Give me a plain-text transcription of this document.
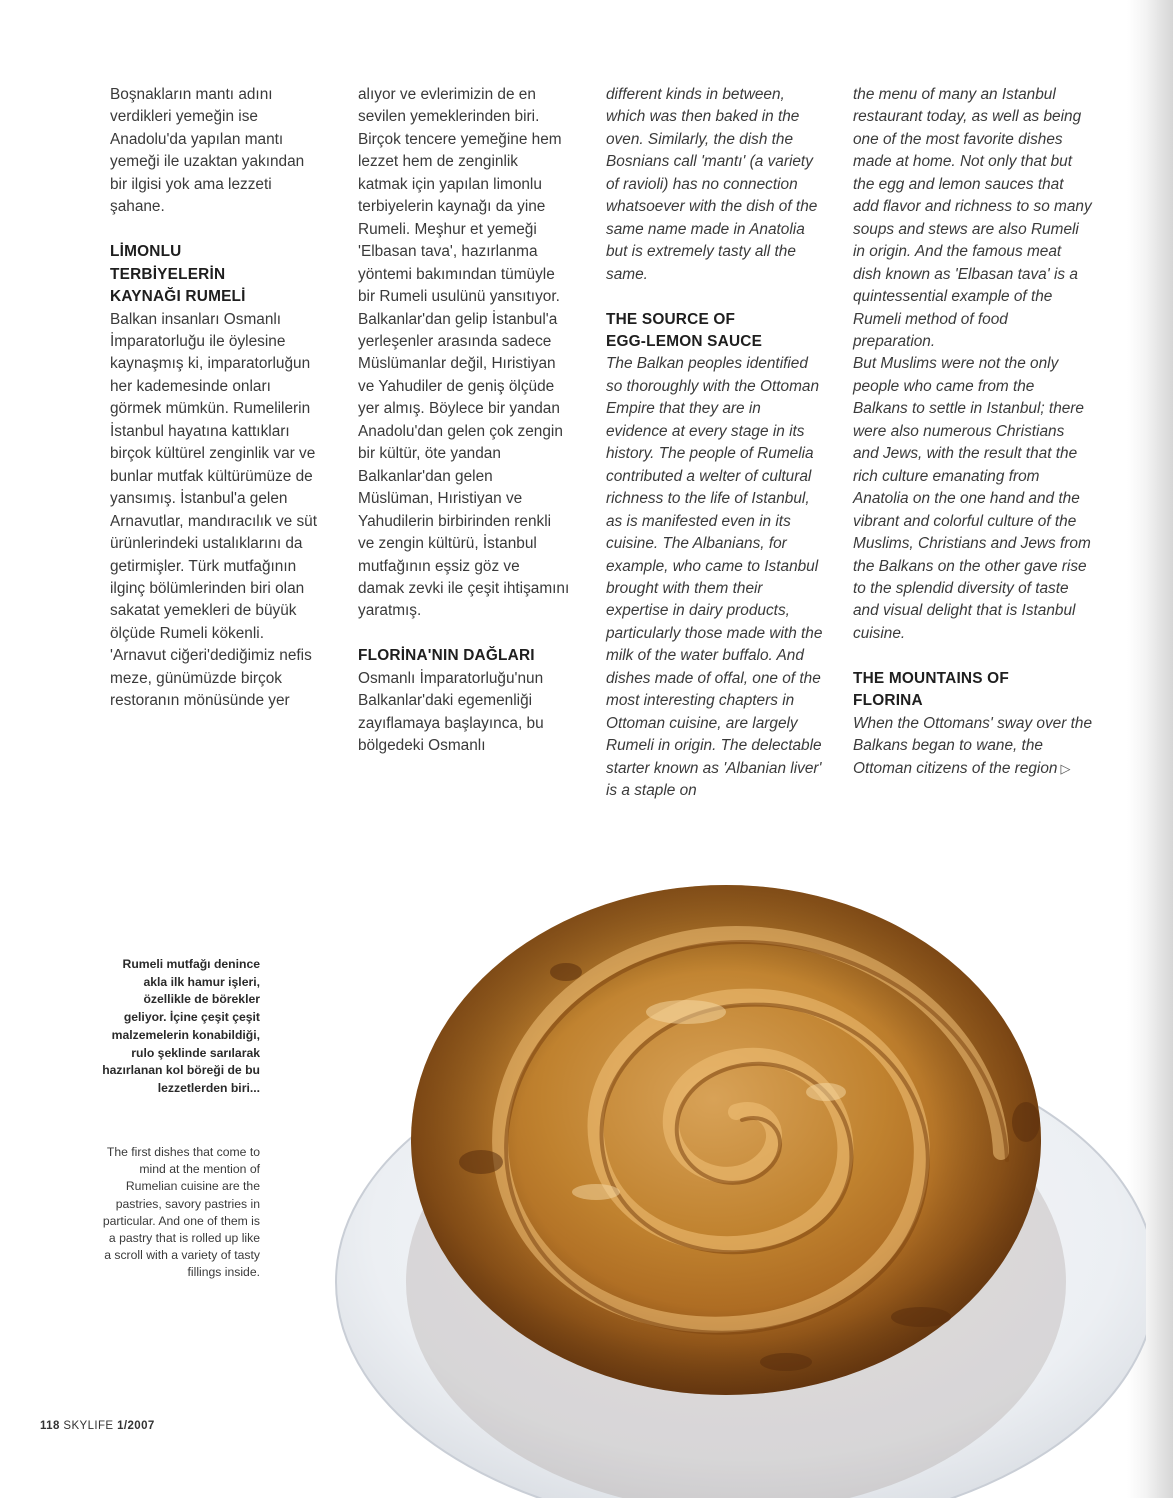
Boşnakların mantı adını verdikleri yemeğin ise Anadolu'da yapılan mantı yemeği ile uzaktan yakından bir ilgisi yok ama lezzeti şahane.

LİMONLU
TERBİYELERİN
KAYNAĞI RUMELİ

Balkan insanları Osmanlı İmparatorluğu ile öylesine kaynaşmış ki, imparatorluğun her kademesinde onları görmek mümkün. Rumelilerin İstanbul hayatına kattıkları birçok kültürel zenginlik var ve bunlar mutfak kültürümüze de yansımış. İstanbul'a gelen Arnavutlar, mandıracılık ve süt ürünlerindeki ustalıklarını da getirmişler. Türk mutfağının ilginç bölümlerinden biri olan sakatat yemekleri de büyük ölçüde Rumeli kökenli. 'Arnavut ciğeri'dediğimiz nefis meze, günümüzde birçok restoranın mönüsünde yer

alıyor ve evlerimizin de en sevilen yemeklerinden biri. Birçok tencere yemeğine hem lezzet hem de zenginlik katmak için yapılan limonlu terbiyelerin kaynağı da yine Rumeli. Meşhur et yemeği 'Elbasan tava', hazırlanma yöntemi bakımından tümüyle bir Rumeli usulünü yansıtıyor.

Balkanlar'dan gelip İstanbul'a yerleşenler arasında sadece Müslümanlar değil, Hıristiyan ve Yahudiler de geniş ölçüde yer almış. Böylece bir yandan Anadolu'dan gelen çok zengin bir kültür, öte yandan Balkanlar'dan gelen Müslüman, Hıristiyan ve Yahudilerin birbirinden renkli ve zengin kültürü, İstanbul mutfağının eşsiz göz ve damak zevki ile çeşit ihtişamını yaratmış.

FLORİNA'NIN DAĞLARI

Osmanlı İmparatorluğu'nun Balkanlar'daki egemenliği zayıflamaya başlayınca, bu bölgedeki Osmanlı

different kinds in between, which was then baked in the oven. Similarly, the dish the Bosnians call 'mantı' (a variety of ravioli) has no connection whatsoever with the dish of the same name made in Anatolia but is extremely tasty all the same.

THE SOURCE OF
EGG-LEMON SAUCE

The Balkan peoples identified so thoroughly with the Ottoman Empire that they are in evidence at every stage in its history. The people of Rumelia contributed a welter of cultural richness to the life of Istanbul, as is manifested even in its cuisine. The Albanians, for example, who came to Istanbul brought with them their expertise in dairy products, particularly those made with the milk of the water buffalo. And dishes made of offal, one of the most interesting chapters in Ottoman cuisine, are largely Rumeli in origin. The delectable starter known as 'Albanian liver' is a staple on

the menu of many an Istanbul restaurant today, as well as being one of the most favorite dishes made at home. Not only that but the egg and lemon sauces that add flavor and richness to so many soups and stews are also Rumeli in origin. And the famous meat dish known as 'Elbasan tava' is a quintessential example of the Rumeli method of food preparation.

But Muslims were not the only people who came from the Balkans to settle in Istanbul; there were also numerous Christians and Jews, with the result that the rich culture emanating from Anatolia on the one hand and the vibrant and colorful culture of the Muslims, Christians and Jews from the Balkans on the other gave rise to the splendid diversity of taste and visual delight that is Istanbul cuisine.

THE MOUNTAINS OF
FLORINA

When the Ottomans' sway over the Balkans began to wane, the Ottoman citizens of the region ▷

Rumeli mutfağı denince akla ilk hamur işleri, özellikle de börekler geliyor. İçine çeşit çeşit malzemelerin konabildiği, rulo şeklinde sarılarak hazırlanan kol böreği de bu lezzetlerden biri...

The first dishes that come to mind at the mention of Rumelian cuisine are the pastries, savory pastries in particular. And one of them is a pastry that is rolled up like a scroll with a variety of tasty fillings inside.

118 SKYLIFE 1/2007
